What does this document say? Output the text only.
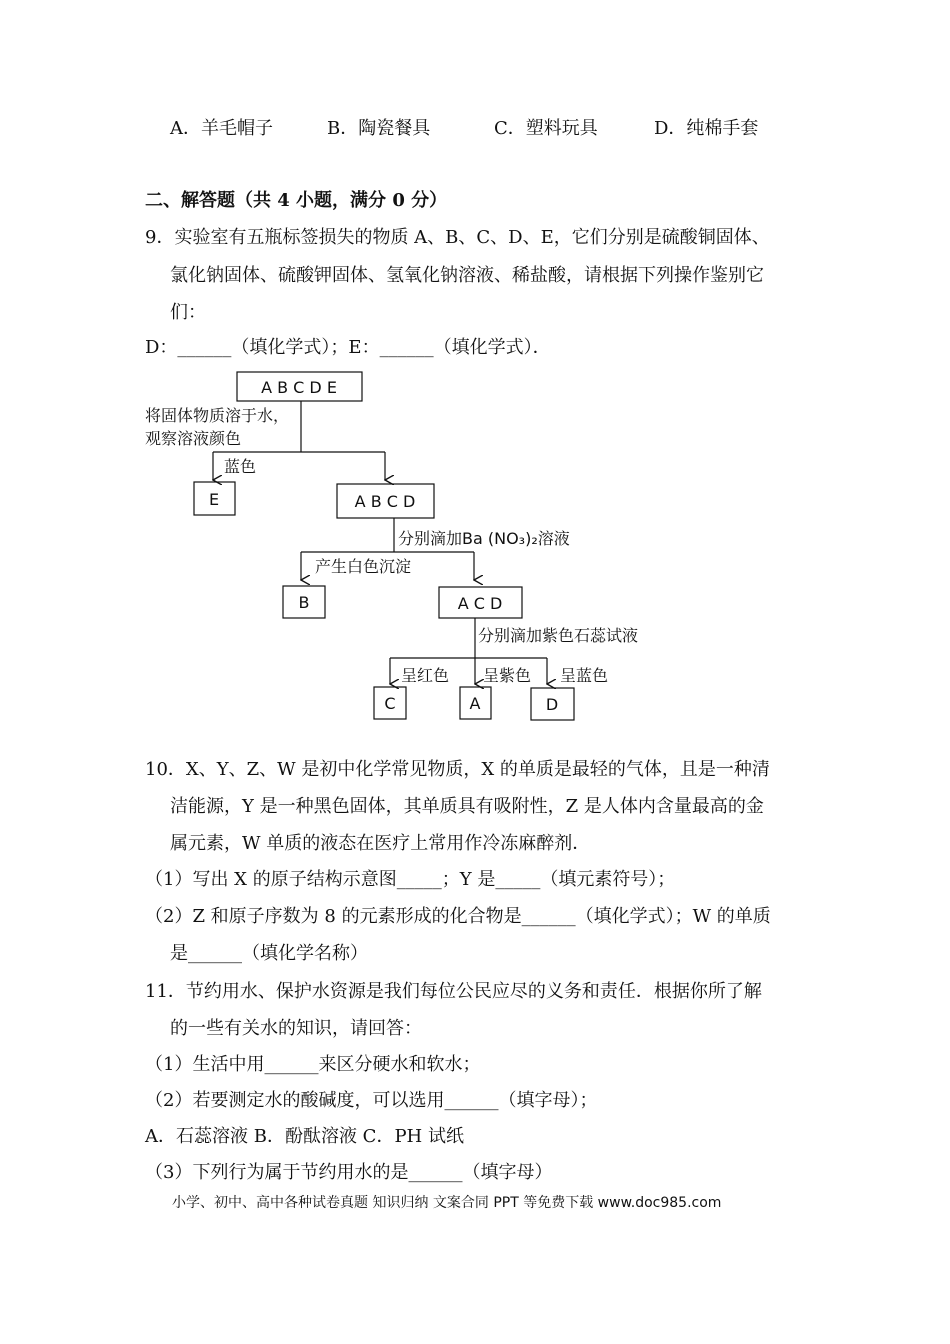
A．羊毛帽子	B．陶瓷餐具	C．塑料玩具	D．纯棉手套
二、解答题（共 4 小题，满分 0 分）
9．实验室有五瓶标签损失的物质 A、B、C、D、E，它们分别是硫酸铜固体、
氯化钠固体、硫酸钾固体、氢氧化钠溶液、稀盐酸，请根据下列操作鉴别它
们：
D：______（填化学式）；E：______（填化学式）．
A B C D E
将固体物质溶于水，
观察溶液颜色
蓝色
E	A B C D
分别滴加Ba (NO₃)₂溶液
产生白色沉淀
B	A C D
分别滴加紫色石蕊试液
呈红色 呈紫色 呈蓝色
C	A	D
10．X、Y、Z、W 是初中化学常见物质，X 的单质是最轻的气体，且是一种清
洁能源，Y 是一种黑色固体，其单质具有吸附性，Z 是人体内含量最高的金
属元素，W 单质的液态在医疗上常用作冷冻麻醉剂．
（1）写出 X 的原子结构示意图_____；Y 是_____（填元素符号）；
（2）Z 和原子序数为 8 的元素形成的化合物是______（填化学式）；W 的单质
是______（填化学名称）
11．节约用水、保护水资源是我们每位公民应尽的义务和责任．根据你所了解
的一些有关水的知识，请回答：
（1）生活中用______来区分硬水和软水；
（2）若要测定水的酸碱度，可以选用______（填字母）；
A．石蕊溶液 B．酚酞溶液 C．PH 试纸
（3）下列行为属于节约用水的是______（填字母）
小学、初中、高中各种试卷真题 知识归纳 文案合同 PPT 等免费下载 www.doc985.com
